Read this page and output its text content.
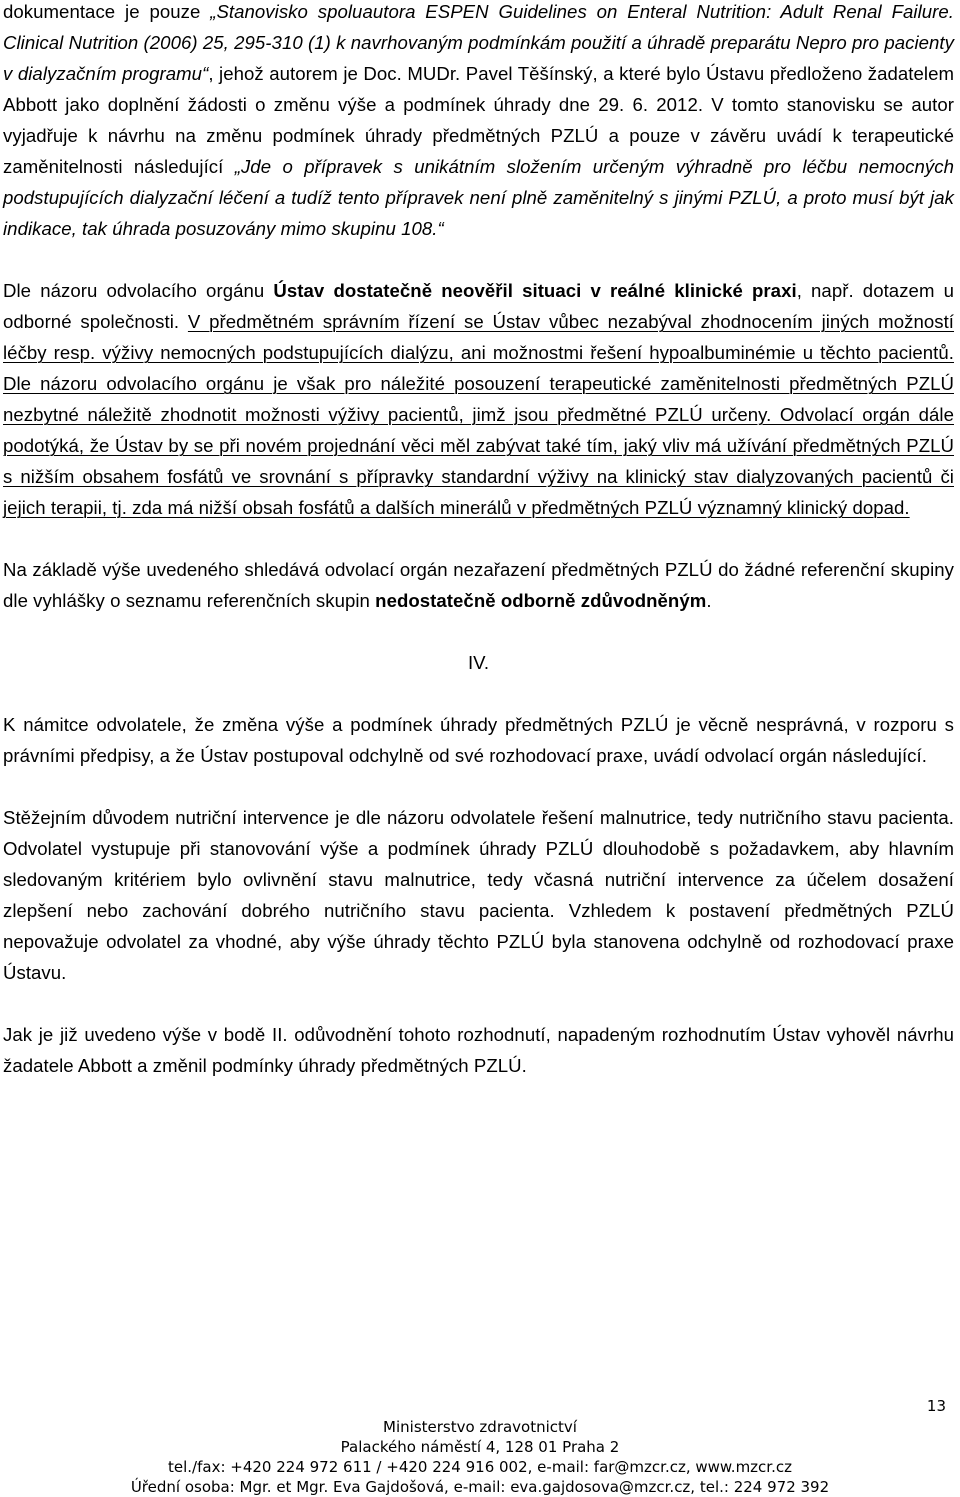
dokumentace je pouze „Stanovisko spoluautora ESPEN Guidelines on Enteral Nutrition: Adult Renal Failure. Clinical Nutrition (2006) 25, 295-310 (1) k navrhovaným podmínkám použití a úhradě preparátu Nepro pro pacienty v dialyzačním programu“, jehož autorem je Doc. MUDr. Pavel Těšínský, a které bylo Ústavu předloženo žadatelem Abbott jako doplnění žádosti o změnu výše a podmínek úhrady dne 29. 6. 2012. V tomto stanovisku se autor vyjadřuje k návrhu na změnu podmínek úhrady předmětných PZLÚ a pouze v závěru uvádí k terapeutické zaměnitelnosti následující „Jde o přípravek s unikátním složením určeným výhradně pro léčbu nemocných podstupujících dialyzační léčení a tudíž tento přípravek není plně zaměnitelný s jinými PZLÚ, a proto musí být jak indikace, tak úhrada posuzovány mimo skupinu 108.“

Dle názoru odvolacího orgánu Ústav dostatečně neověřil situaci v reálné klinické praxi, např. dotazem u odborné společnosti. V předmětném správním řízení se Ústav vůbec nezabýval zhodnocením jiných možností léčby resp. výživy nemocných podstupujících dialýzu, ani možnostmi řešení hypoalbuminémie u těchto pacientů. Dle názoru odvolacího orgánu je však pro náležité posouzení terapeutické zaměnitelnosti předmětných PZLÚ nezbytné náležitě zhodnotit možnosti výživy pacientů, jimž jsou předmětné PZLÚ určeny. Odvolací orgán dále podotýká, že Ústav by se při novém projednání věci měl zabývat také tím, jaký vliv má užívání předmětných PZLÚ s nižším obsahem fosfátů ve srovnání s přípravky standardní výživy na klinický stav dialyzovaných pacientů či jejich terapii, tj. zda má nižší obsah fosfátů a dalších minerálů v předmětných PZLÚ významný klinický dopad.

Na základě výše uvedeného shledává odvolací orgán nezařazení předmětných PZLÚ do žádné referenční skupiny dle vyhlášky o seznamu referenčních skupin nedostatečně odborně zdůvodněným.

IV.

K námitce odvolatele, že změna výše a podmínek úhrady předmětných PZLÚ je věcně nesprávná, v rozporu s právními předpisy, a že Ústav postupoval odchylně od své rozhodovací praxe, uvádí odvolací orgán následující.

Stěžejním důvodem nutriční intervence je dle názoru odvolatele řešení malnutrice, tedy nutričního stavu pacienta. Odvolatel vystupuje při stanovování výše a podmínek úhrady PZLÚ dlouhodobě s požadavkem, aby hlavním sledovaným kritériem bylo ovlivnění stavu malnutrice, tedy včasná nutriční intervence za účelem dosažení zlepšení nebo zachování dobrého nutričního stavu pacienta. Vzhledem k postavení předmětných PZLÚ nepovažuje odvolatel za vhodné, aby výše úhrady těchto PZLÚ byla stanovena odchylně od rozhodovací praxe Ústavu.

Jak je již uvedeno výše v bodě II. odůvodnění tohoto rozhodnutí, napadeným rozhodnutím Ústav vyhověl návrhu žadatele Abbott a změnil podmínky úhrady předmětných PZLÚ.

13
Ministerstvo zdravotnictví
Palackého náměstí 4, 128 01 Praha 2
tel./fax: +420 224 972 611 / +420 224 916 002, e-mail: far@mzcr.cz, www.mzcr.cz
Úřední osoba: Mgr. et Mgr. Eva Gajdošová, e-mail: eva.gajdosova@mzcr.cz, tel.: 224 972 392
